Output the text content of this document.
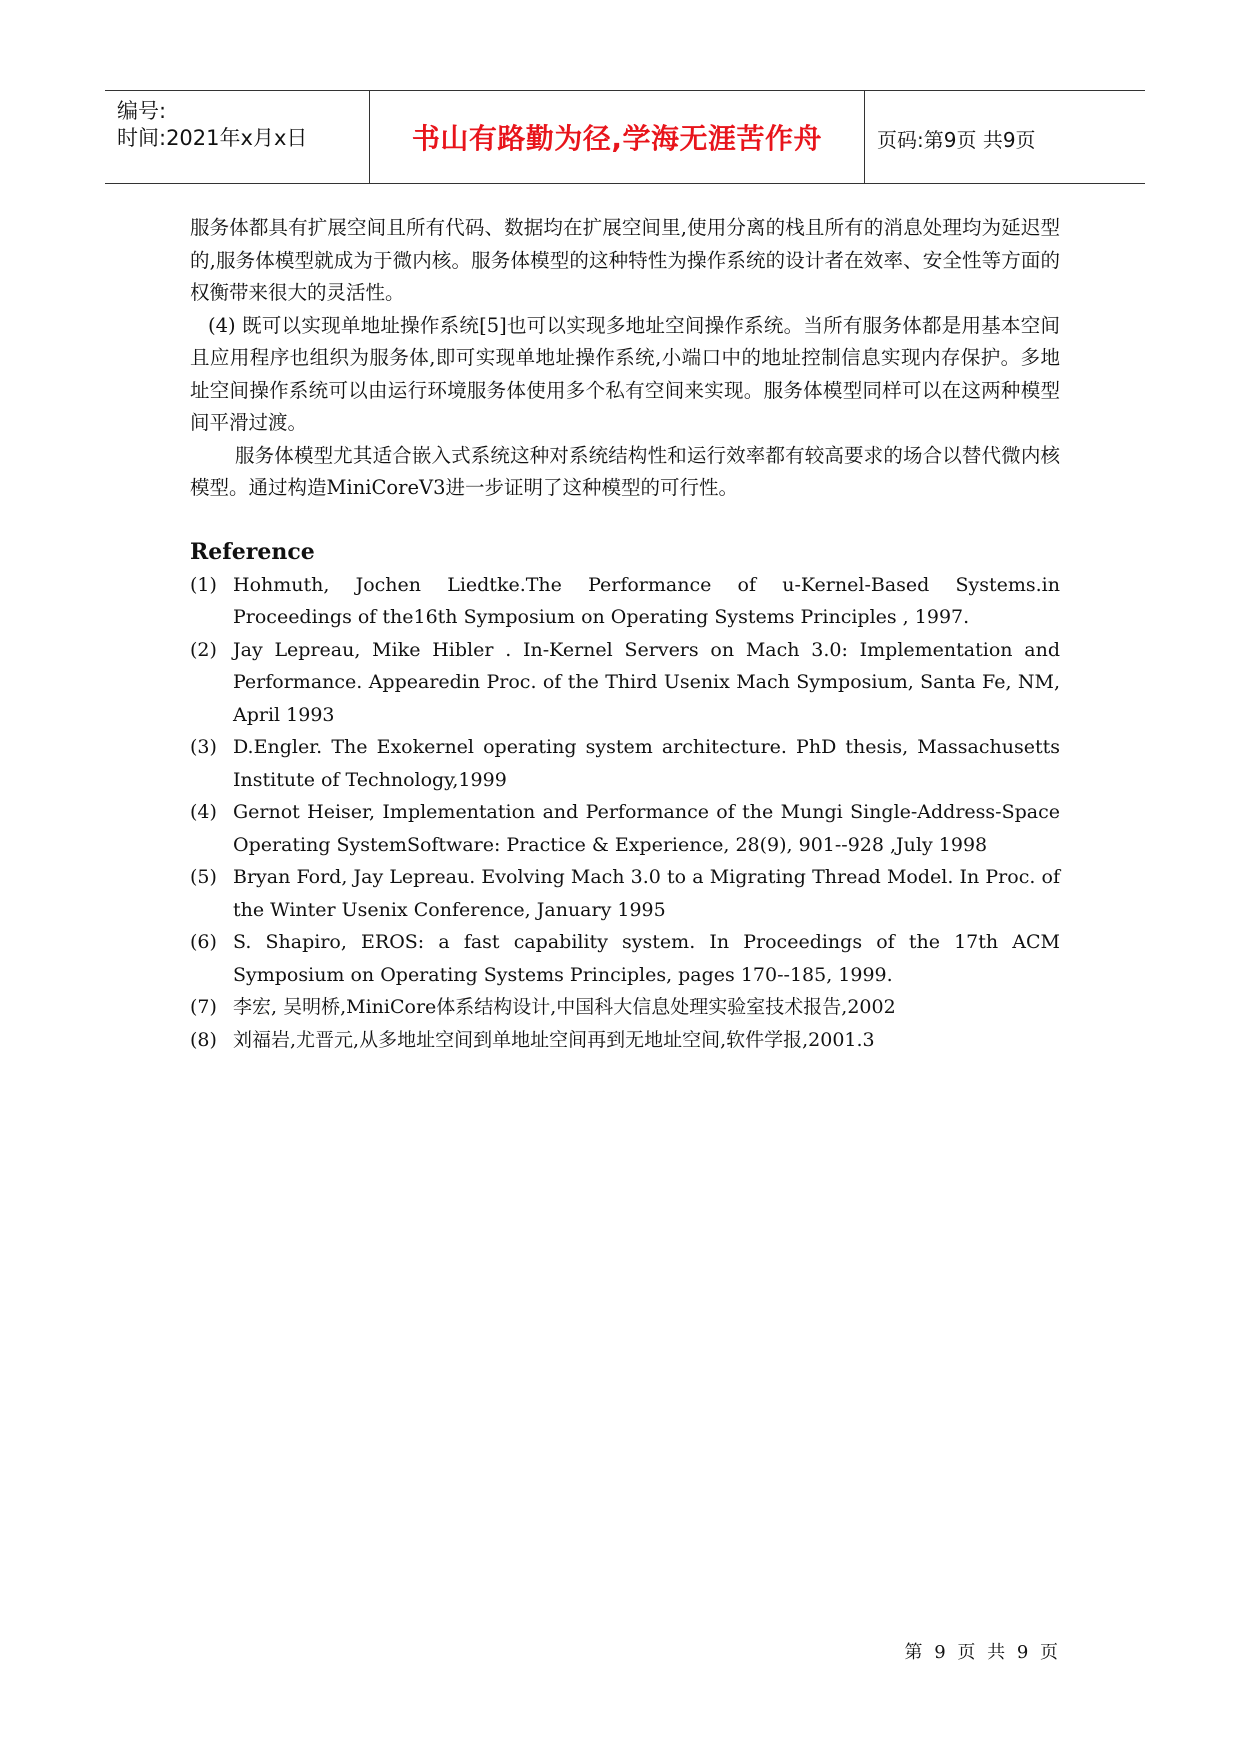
编号:
时间:2021年x月x日	书山有路勤为径,学海无涯苦作舟	页码:第9页 共9页

服务体都具有扩展空间且所有代码、数据均在扩展空间里,使用分离的栈且所有的消息处理均为延迟型的,服务体模型就成为于微内核。服务体模型的这种特性为操作系统的设计者在效率、安全性等方面的权衡带来很大的灵活性。

(4) 既可以实现单地址操作系统[5]也可以实现多地址空间操作系统。当所有服务体都是用基本空间且应用程序也组织为服务体,即可实现单地址操作系统,小端口中的地址控制信息实现内存保护。多地址空间操作系统可以由运行环境服务体使用多个私有空间来实现。服务体模型同样可以在这两种模型间平滑过渡。

服务体模型尤其适合嵌入式系统这种对系统结构性和运行效率都有较高要求的场合以替代微内核模型。通过构造MiniCoreV3进一步证明了这种模型的可行性。

Reference
(1) Hohmuth, Jochen Liedtke.The Performance of u-Kernel-Based Systems.in Proceedings of the16th Symposium on Operating Systems Principles , 1997.
(2) Jay Lepreau, Mike Hibler . In-Kernel Servers on Mach 3.0: Implementation and Performance. Appearedin Proc. of the Third Usenix Mach Symposium, Santa Fe, NM, April 1993
(3) D.Engler. The Exokernel operating system architecture. PhD thesis, Massachusetts Institute of Technology,1999
(4) Gernot Heiser, Implementation and Performance of the Mungi Single-Address-Space Operating SystemSoftware: Practice & Experience, 28(9), 901--928 ,July 1998
(5) Bryan Ford, Jay Lepreau. Evolving Mach 3.0 to a Migrating Thread Model. In Proc. of the Winter Usenix Conference, January 1995
(6) S. Shapiro, EROS: a fast capability system. In Proceedings of the 17th ACM Symposium on Operating Systems Principles, pages 170--185, 1999.
(7) 李宏, 吴明桥,MiniCore体系结构设计,中国科大信息处理实验室技术报告,2002
(8) 刘福岩,尤晋元,从多地址空间到单地址空间再到无地址空间,软件学报,2001.3
第 9 页 共 9 页
